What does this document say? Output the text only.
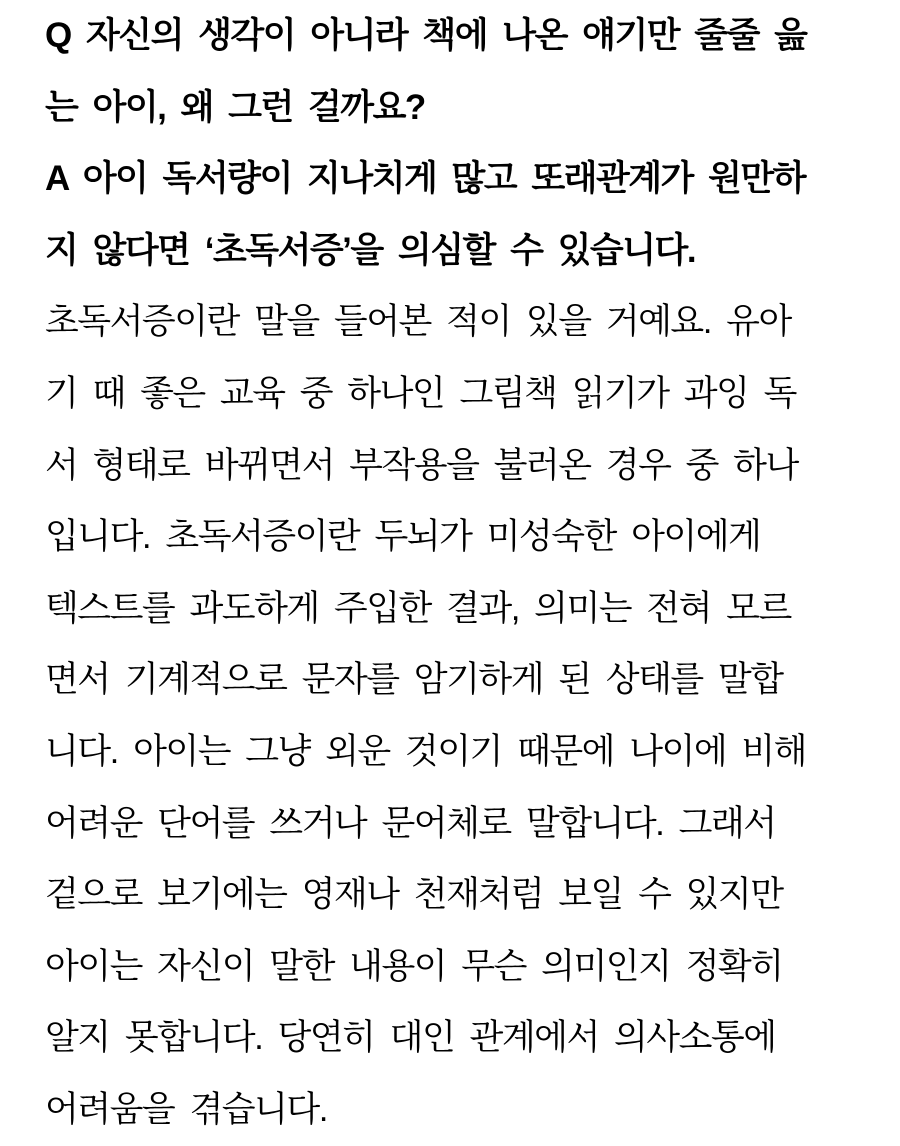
Q 자신의 생각이 아니라 책에 나온 얘기만 줄줄 읊

는 아이, 왜 그런 걸까요?

A 아이 독서량이 지나치게 많고 또래관계가 원만하

지 않다면 ‘초독서증’을 의심할 수 있습니다.

초독서증이란 말을 들어본 적이 있을 거예요. 유아

기 때 좋은 교육 중 하나인 그림책 읽기가 과잉 독

서 형태로 바뀌면서 부작용을 불러온 경우 중 하나

입니다. 초독서증이란 두뇌가 미성숙한 아이에게

텍스트를 과도하게 주입한 결과, 의미는 전혀 모르

면서 기계적으로 문자를 암기하게 된 상태를 말합

니다. 아이는 그냥 외운 것이기 때문에 나이에 비해

어려운 단어를 쓰거나 문어체로 말합니다. 그래서

겉으로 보기에는 영재나 천재처럼 보일 수 있지만

아이는 자신이 말한 내용이 무슨 의미인지 정확히

알지 못합니다. 당연히 대인 관계에서 의사소통에

어려움을 겪습니다.
